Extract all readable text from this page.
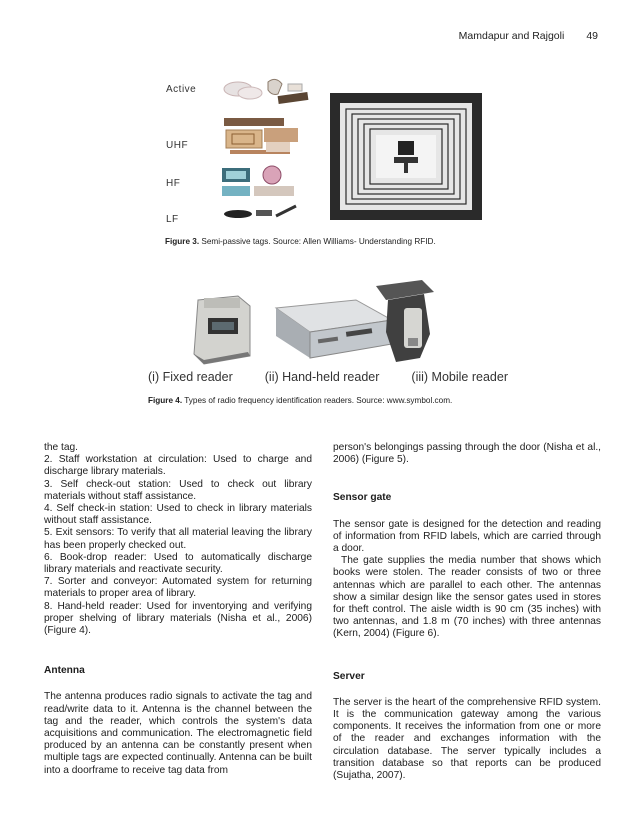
Mamdapur and Rajgoli 49
Active
UHF
HF
LF
Figure 3. Semi-passive tags. Source: Allen Williams- Understanding RFID.
(i) Fixed reader	(ii) Hand-held reader	(iii) Mobile reader
Figure 4. Types of radio frequency identification readers. Source: www.symbol.com.

the tag.

2. Staff workstation at circulation: Used to charge and discharge library materials.

3. Self check-out station: Used to check out library materials without staff assistance.

4. Self check-in station: Used to check in library materials without staff assistance.

5. Exit sensors: To verify that all material leaving the library has been properly checked out.

6. Book-drop reader: Used to automatically discharge library materials and reactivate security.

7. Sorter and conveyor: Automated system for returning materials to proper area of library.

8. Hand-held reader: Used for inventorying and verifying proper shelving of library materials (Nisha et al., 2006) (Figure 4).

Antenna

The antenna produces radio signals to activate the tag and read/write data to it. Antenna is the channel between the tag and the reader, which controls the system's data acquisitions and communication. The electromagnetic field produced by an antenna can be constantly present when multiple tags are expected continually. Antenna can be built into a doorframe to receive tag data from

person's belongings passing through the door (Nisha et al., 2006) (Figure 5).

Sensor gate

The sensor gate is designed for the detection and reading of information from RFID labels, which are carried through a door.

The gate supplies the media number that shows which books were stolen. The reader consists of two or three antennas which are parallel to each other. The antennas show a similar design like the sensor gates used in stores for theft control. The aisle width is 90 cm (35 inches) with two antennas, and 1.8 m (70 inches) with three antennas (Kern, 2004) (Figure 6).

Server

The server is the heart of the comprehensive RFID system. It is the communication gateway among the various components. It receives the information from one or more of the reader and exchanges information with the circulation database. The server typically includes a transition database so that reports can be produced (Sujatha, 2007).
